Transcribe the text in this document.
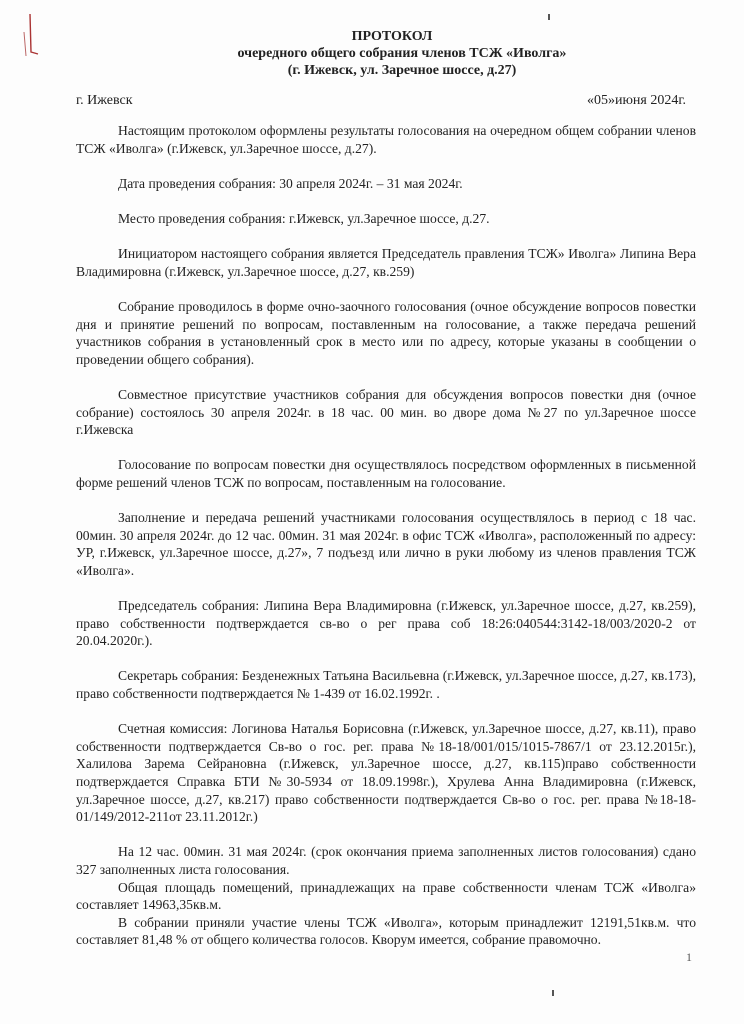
ПРОТОКОЛ
очередного общего собрания членов ТСЖ «Иволга»
(г. Ижевск, ул. Заречное шоссе, д.27)
г. Ижевск	«05»июня 2024г.

Настоящим протоколом оформлены результаты голосования на очередном общем собрании членов ТСЖ «Иволга» (г.Ижевск, ул.Заречное шоссе, д.27).

Дата проведения собрания: 30 апреля 2024г. – 31 мая 2024г.

Место проведения собрания: г.Ижевск, ул.Заречное шоссе, д.27.

Инициатором настоящего собрания является Председатель правления ТСЖ» Иволга» Липина Вера Владимировна (г.Ижевск, ул.Заречное шоссе, д.27, кв.259)

Собрание проводилось в форме очно-заочного голосования (очное обсуждение вопросов повестки дня и принятие решений по вопросам, поставленным на голосование, а также передача решений участников собрания в установленный срок в место или по адресу, которые указаны в сообщении о проведении общего собрания).

Совместное присутствие участников собрания для обсуждения вопросов повестки дня (очное собрание) состоялось 30 апреля 2024г. в 18 час. 00 мин. во дворе дома №27 по ул.Заречное шоссе г.Ижевска

Голосование по вопросам повестки дня осуществлялось посредством оформленных в письменной форме решений членов ТСЖ по вопросам, поставленным на голосование.

Заполнение и передача решений участниками голосования осуществлялось в период с 18 час. 00мин. 30 апреля 2024г. до 12 час. 00мин. 31 мая 2024г. в офис ТСЖ «Иволга», расположенный по адресу: УР, г.Ижевск, ул.Заречное шоссе, д.27», 7 подъезд или лично в руки любому из членов правления ТСЖ «Иволга».

Председатель собрания: Липина Вера Владимировна (г.Ижевск, ул.Заречное шоссе, д.27, кв.259), право собственности подтверждается св-во о рег права соб 18:26:040544:3142-18/003/2020-2 от 20.04.2020г.).

Секретарь собрания: Безденежных Татьяна Васильевна (г.Ижевск, ул.Заречное шоссе, д.27, кв.173), право собственности подтверждается № 1-439 от 16.02.1992г. .

Счетная комиссия: Логинова Наталья Борисовна (г.Ижевск, ул.Заречное шоссе, д.27, кв.11), право собственности подтверждается Св-во о гос. рег. права №18-18/001/015/1015-7867/1 от 23.12.2015г.), Халилова Зарема Сейрановна (г.Ижевск, ул.Заречное шоссе, д.27, кв.115)право собственности подтверждается Справка БТИ №30-5934 от 18.09.1998г.), Хрулева Анна Владимировна (г.Ижевск, ул.Заречное шоссе, д.27, кв.217) право собственности подтверждается Св-во о гос. рег. права №18-18-01/149/2012-211от 23.11.2012г.)

На 12 час. 00мин. 31 мая 2024г. (срок окончания приема заполненных листов голосования) сдано 327 заполненных листа голосования.

Общая площадь помещений, принадлежащих на праве собственности членам ТСЖ «Иволга» составляет 14963,35кв.м.

В собрании приняли участие члены ТСЖ «Иволга», которым принадлежит 12191,51кв.м. что составляет 81,48 % от общего количества голосов. Кворум имеется, собрание правомочно.

1
